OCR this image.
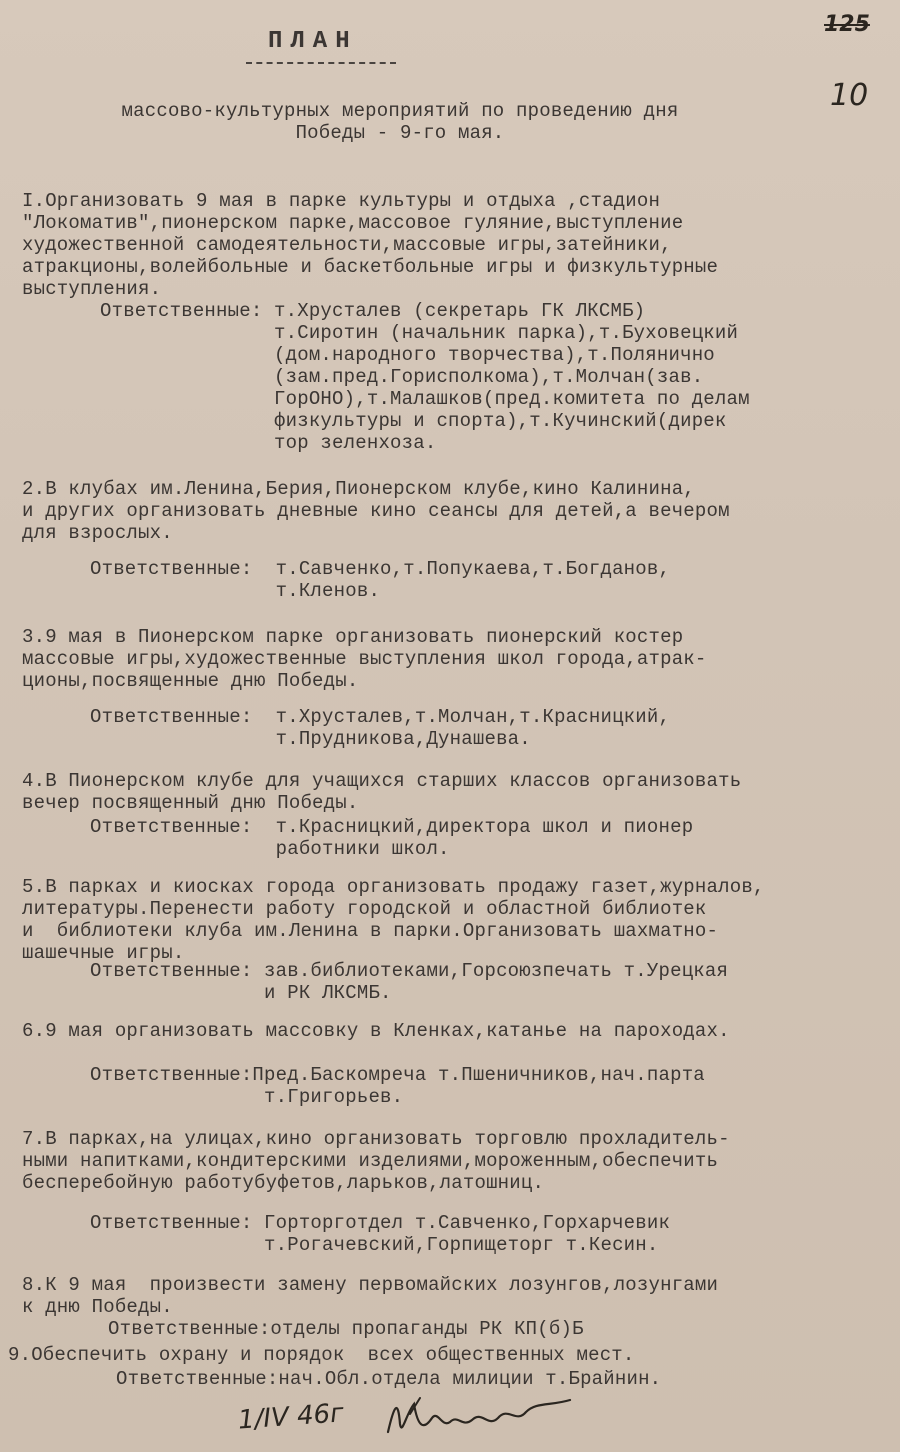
125
10
ПЛАН
массово-культурных мероприятий по проведению дня
Победы - 9-го мая.
I.Организовать 9 мая в парке культуры и отдыха ,стадион
"Локоматив",пионерском парке,массовое гуляние,выступление
художественной самодеятельности,массовые игры,затейники,
атракционы,волейбольные и баскетбольные игры и физкультурные
выступления.
Ответственные: т.Хрусталев (секретарь ГК ЛКСМБ)
т.Сиротин (начальник парка),т.Буховецкий
(дом.народного творчества),т.Полянично
(зам.пред.Горисполкома),т.Молчан(зав.
ГорОНО),т.Малашков(пред.комитета по делам
физкультуры и спорта),т.Кучинский(дирек
тор зеленхоза.
2.В клубах им.Ленина,Берия,Пионерском клубе,кино Калинина,
и других организовать дневные кино сеансы для детей,а вечером
для взрослых.
Ответственные:  т.Савченко,т.Попукаева,т.Богданов,
т.Кленов.
3.9 мая в Пионерском парке организовать пионерский костер
массовые игры,художественные выступления школ города,атрак-
ционы,посвященные дню Победы.
Ответственные:  т.Хрусталев,т.Молчан,т.Красницкий,
т.Прудникова,Дунашева.
4.В Пионерском клубе для учащихся старших классов организовать
вечер посвященный дню Победы.
Ответственные:  т.Красницкий,директора школ и пионер
работники школ.
5.В парках и киосках города организовать продажу газет,журналов,
литературы.Перенести работу городской и областной библиотек
и  библиотеки клуба им.Ленина в парки.Организовать шахматно-
шашечные игры.
Ответственные: зав.библиотеками,Горсоюзпечать т.Урецкая
и РК ЛКСМБ.
6.9 мая организовать массовку в Кленках,катанье на пароходах.
Ответственные:Пред.Баскомреча т.Пшеничников,нач.парта
т.Григорьев.
7.В парках,на улицах,кино организовать торговлю прохладитель-
ными напитками,кондитерскими изделиями,мороженным,обеспечить
бесперебойную работубуфетов,ларьков,латошниц.
Ответственные: Горторготдел т.Савченко,Горхарчевик
т.Рогачевский,Горпищеторг т.Кесин.
8.К 9 мая  произвести замену первомайских лозунгов,лозунгами
к дню Победы.
Ответственные:отделы пропаганды РК КП(б)Б
9.Обеспечить охрану и порядок  всех общественных мест.
Ответственные:нач.Обл.отдела милиции т.Брайнин.
1/IV 46г
